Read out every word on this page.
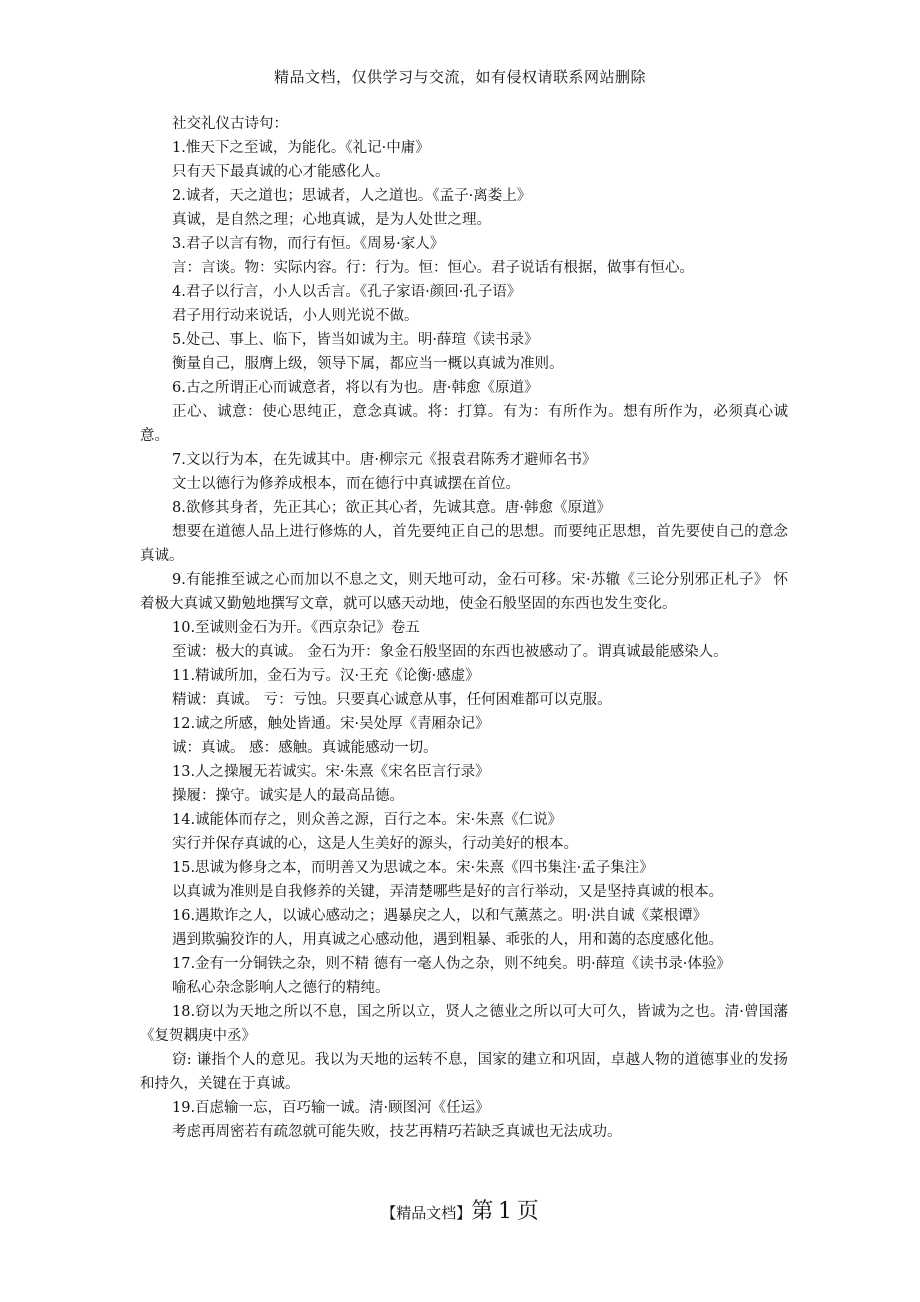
精品文档，仅供学习与交流，如有侵权请联系网站删除

社交礼仪古诗句：

1.惟天下之至诚，为能化。《礼记·中庸》

只有天下最真诚的心才能感化人。

2.诚者，天之道也；思诚者，人之道也。《孟子·离娄上》

真诚，是自然之理；心地真诚，是为人处世之理。

3.君子以言有物，而行有恒。《周易·家人》

言：言谈。物：实际内容。行：行为。恒：恒心。君子说话有根据，做事有恒心。

4.君子以行言，小人以舌言。《孔子家语·颜回·孔子语》

君子用行动来说话，小人则光说不做。

5.处己、事上、临下，皆当如诚为主。明·薛瑄《读书录》

衡量自己，服膺上级，领导下属，都应当一概以真诚为准则。

6.古之所谓正心而诚意者，将以有为也。唐·韩愈《原道》

正心、诚意：使心思纯正，意念真诚。将：打算。有为：有所作为。想有所作为，必须真心诚意。

7.文以行为本，在先诚其中。唐·柳宗元《报袁君陈秀才避师名书》

文士以德行为修养成根本，而在德行中真诚摆在首位。

8.欲修其身者，先正其心；欲正其心者，先诚其意。唐·韩愈《原道》

想要在道德人品上进行修炼的人，首先要纯正自己的思想。而要纯正思想，首先要使自己的意念真诚。

9.有能推至诚之心而加以不息之文，则天地可动，金石可移。宋·苏辙《三论分别邪正札子》 怀着极大真诚又勤勉地撰写文章，就可以感天动地，使金石般坚固的东西也发生变化。

10.至诚则金石为开。《西京杂记》卷五

至诚：极大的真诚。 金石为开：象金石般坚固的东西也被感动了。谓真诚最能感染人。

11.精诚所加，金石为亏。汉·王充《论衡·感虚》

精诚：真诚。 亏：亏蚀。只要真心诚意从事，任何困难都可以克服。

12.诚之所感，触处皆通。宋·吴处厚《青厢杂记》

诚：真诚。 感：感触。真诚能感动一切。

13.人之操履无若诚实。宋·朱熹《宋名臣言行录》

操履：操守。诚实是人的最高品德。

14.诚能体而存之，则众善之源，百行之本。宋·朱熹《仁说》

实行并保存真诚的心，这是人生美好的源头，行动美好的根本。

15.思诚为修身之本，而明善又为思诚之本。宋·朱熹《四书集注·孟子集注》

以真诚为准则是自我修养的关键，弄清楚哪些是好的言行举动，又是坚持真诚的根本。

16.遇欺诈之人，以诚心感动之；遇暴戾之人，以和气薰蒸之。明·洪自诚《菜根谭》

遇到欺骗狡诈的人，用真诚之心感动他，遇到粗暴、乖张的人，用和蔼的态度感化他。

17.金有一分铜铁之杂，则不精 德有一毫人伪之杂，则不纯矣。明·薛瑄《读书录·体验》

喻私心杂念影响人之德行的精纯。

18.窃以为天地之所以不息，国之所以立，贤人之德业之所以可大可久，皆诚为之也。清·曾国藩《复贺耦庚中丞》

窃: 谦指个人的意见。我以为天地的运转不息，国家的建立和巩固，卓越人物的道德事业的发扬和持久，关键在于真诚。

19.百虑输一忘，百巧输一诚。清·顾图河《任运》

考虑再周密若有疏忽就可能失败，技艺再精巧若缺乏真诚也无法成功。

【精品文档】第 1 页
